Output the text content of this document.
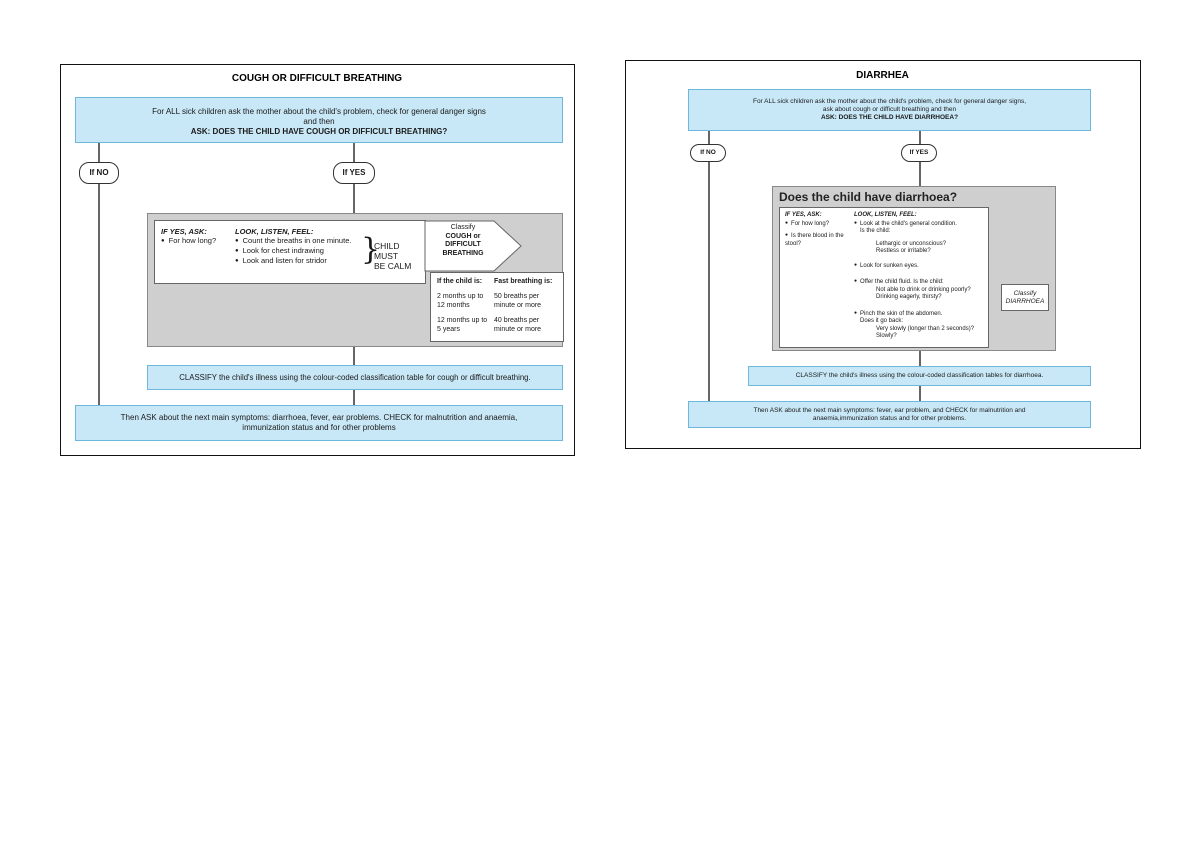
COUGH OR DIFFICULT BREATHING
For ALL sick children ask the mother about the child's problem, check for general danger signs
and then
ASK: DOES THE CHILD HAVE COUGH OR DIFFICULT BREATHING?
If NO	If YES
IF YES, ASK:
● For how long?
LOOK, LISTEN, FEEL:
● Count the breaths in one minute.
● Look for chest indrawing
● Look and listen for stridor	}
CHILD MUST
BE CALM
Classify
COUGH or
DIFFICULT
BREATHING
If the child is: Fast breathing is:
2 months up to 12 months
50 breaths per minute or more
12 months up to 5 years
40 breaths per minute or more
CLASSIFY the child's illness using the colour-coded classification table for cough or difficult breathing.
Then ASK about the next main symptoms: diarrhoea, fever, ear problems. CHECK for malnutrition and anaemia,
immunization status and for other problems
DIARRHEA
For ALL sick children ask the mother about the child's problem, check for general danger signs,
ask about cough or difficult breathing and then
ASK: DOES THE CHILD HAVE DIARRHOEA?
If NO	If YES
Does the child have diarrhoea?
IF YES, ASK:
● For how long?
● Is there blood in the stool?
LOOK, LISTEN, FEEL:
● Look at the child's general condition.
Is the child:
Lethargic or unconscious?
Restless or irritable?
● Look for sunken eyes.
● Offer the child fluid. Is the child:
Not able to drink or drinking poorly?
Drinking eagerly, thirsty?
● Pinch the skin of the abdomen.
Does it go back:
Very slowly (longer than 2 seconds)?
Slowly?
Classify
DIARRHOEA
CLASSIFY the child's illness using the colour-coded classification tables for diarrhoea.
Then ASK about the next main symptoms: fever, ear problem, and CHECK for malnutrition and
anaemia,immunization status and for other problems.
